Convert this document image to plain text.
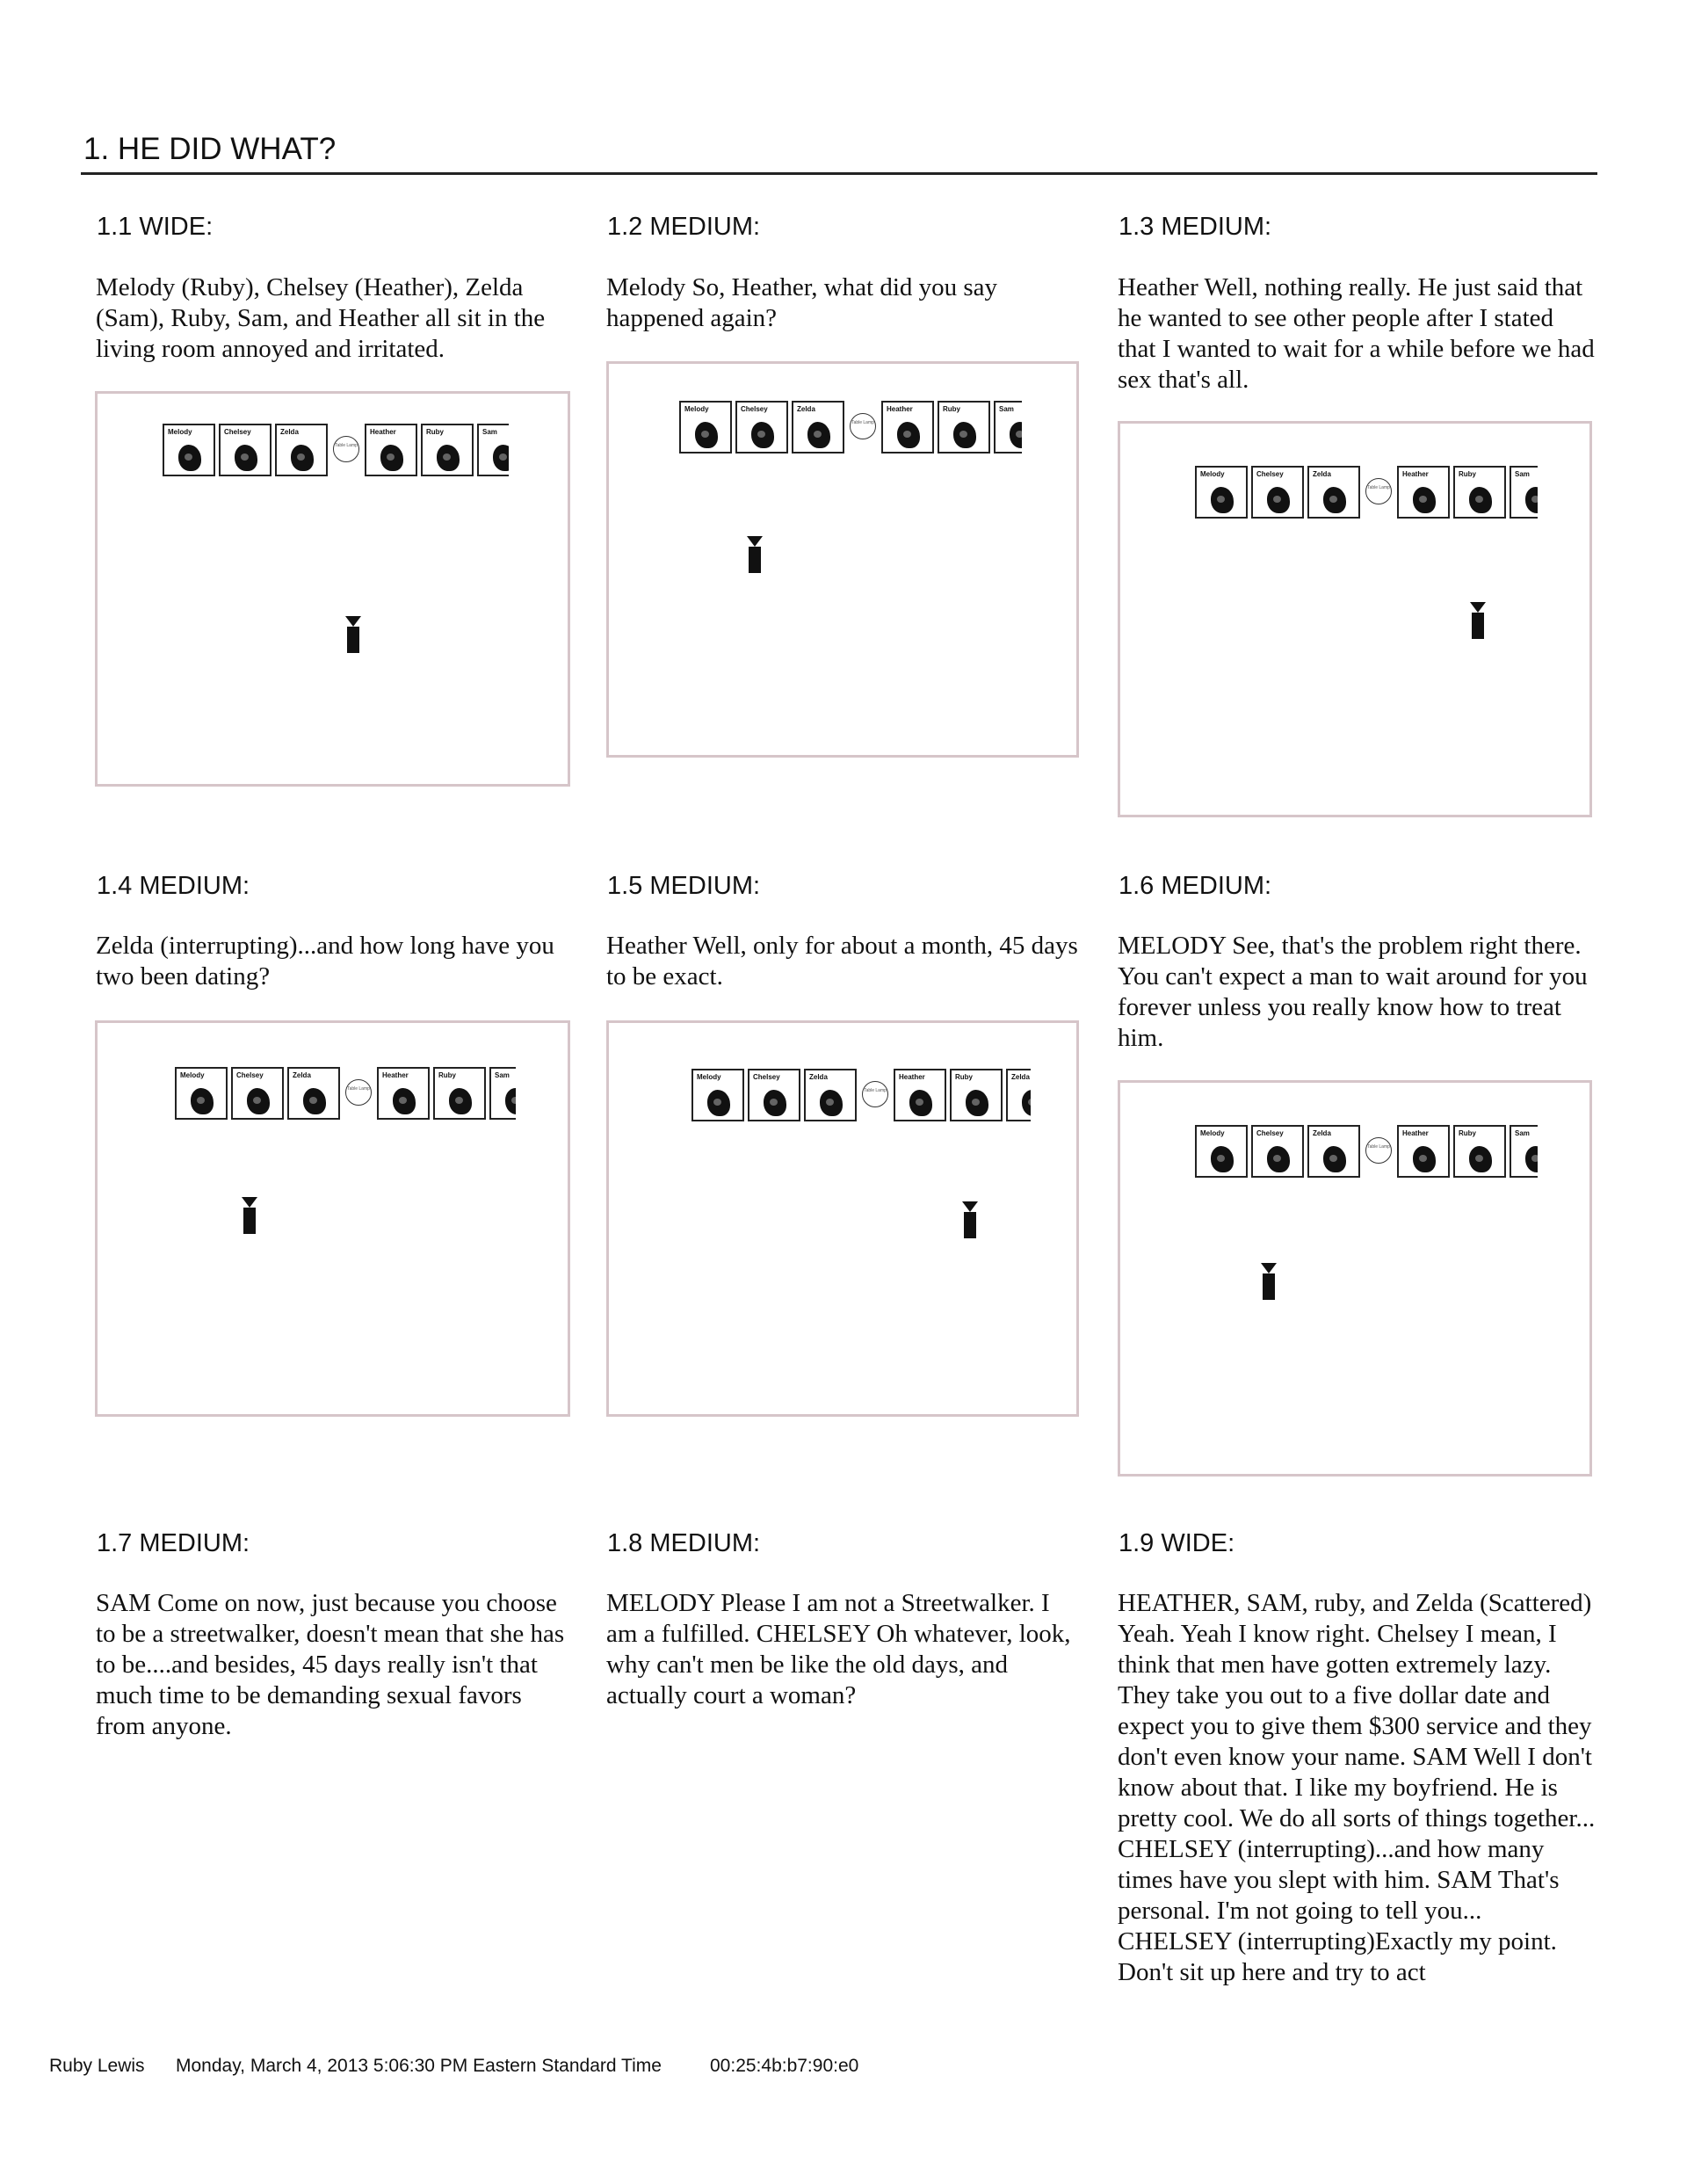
1. HE DID WHAT?
1.1 WIDE:
Melody (Ruby), Chelsey (Heather), Zelda (Sam), Ruby, Sam, and Heather all sit in the living room annoyed and irritated.
Melody	Chelsey	Zelda
Table Lamp
Heather	Ruby	Sam
1.2 MEDIUM:
Melody So, Heather, what did you say happened again?
Melody	Chelsey	Zelda
Table Lamp
Heather	Ruby	Sam
1.3 MEDIUM:
Heather Well, nothing really. He just said that he wanted to see other people after I stated that I wanted to wait for a while before we had sex that's all.
Melody	Chelsey	Zelda
Table Lamp
Heather	Ruby	Sam
1.4 MEDIUM:
Zelda (interrupting)...and how long have you two been dating?
Melody	Chelsey	Zelda
Table Lamp
Heather	Ruby	Sam
1.5 MEDIUM:
Heather Well, only for about a month, 45 days to be exact.
Melody	Chelsey	Zelda
Table Lamp
Heather	Ruby	Zelda
1.6 MEDIUM:
MELODY See, that's the problem right there. You can't expect a man to wait around for you forever unless you really know how to treat him.
Melody	Chelsey	Zelda
Table Lamp
Heather	Ruby	Sam
1.7 MEDIUM:
SAM Come on now, just because you choose to be a streetwalker, doesn't mean that she has to be....and besides, 45 days really isn't that much time to be demanding sexual favors from anyone.
1.8 MEDIUM:
MELODY Please I am not a Streetwalker. I am a fulfilled. CHELSEY Oh whatever, look, why can't men be like the old days, and actually court a woman?
1.9 WIDE:
HEATHER, SAM, ruby, and Zelda (Scattered) Yeah. Yeah I know right. Chelsey I mean, I think that men have gotten extremely lazy. They take you out to a five dollar date and expect you to give them $300 service and they don't even know your name. SAM Well I don't know about that. I like my boyfriend. He is pretty cool. We do all sorts of things together... CHELSEY (interrupting)...and how many times have you slept with him. SAM That's personal. I'm not going to tell you... CHELSEY (interrupting)Exactly my point. Don't sit up here and try to act
Ruby Lewis Monday, March 4, 2013 5:06:30 PM Eastern Standard Time	00:25:4b:b7:90:e0
